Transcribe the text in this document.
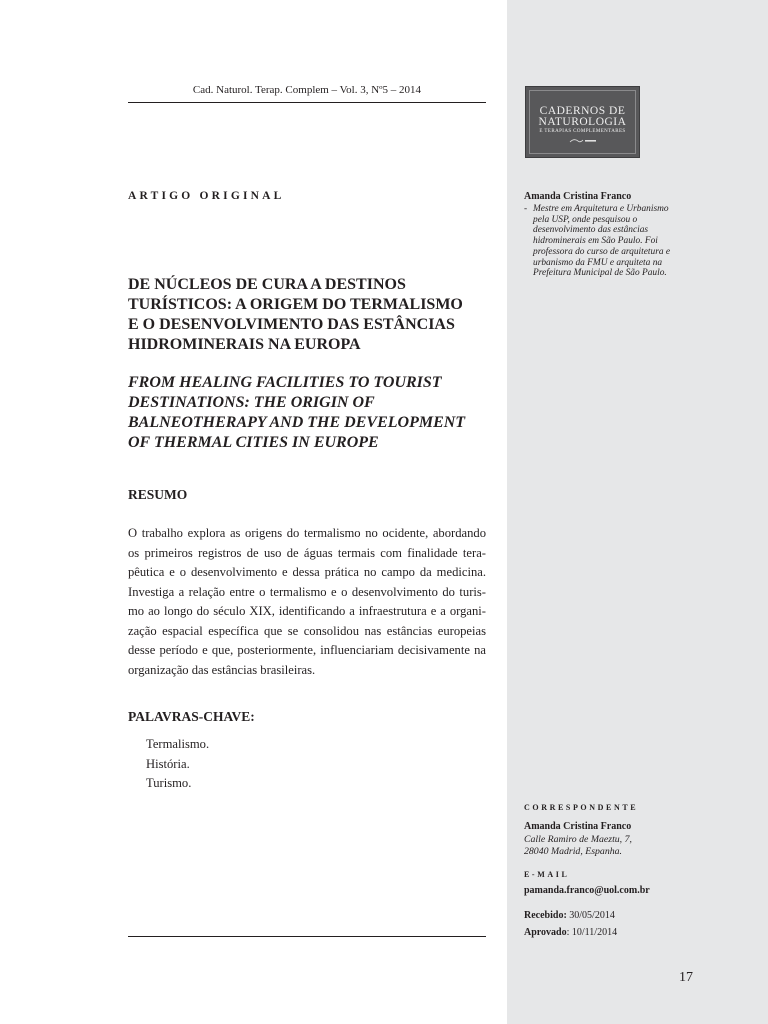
Cad. Naturol. Terap. Complem – Vol. 3, Nº5 – 2014
ARTIGO ORIGINAL
DE NÚCLEOS DE CURA A DESTINOS
TURÍSTICOS: A ORIGEM DO TERMALISMO
E O DESENVOLVIMENTO DAS ESTÂNCIAS
HIDROMINERAIS NA EUROPA
FROM HEALING FACILITIES TO TOURIST
DESTINATIONS: THE ORIGIN OF
BALNEOTHERAPY AND THE DEVELOPMENT
OF THERMAL CITIES IN EUROPE
RESUMO
O trabalho explora as origens do termalismo no ocidente, abordando
os primeiros registros de uso de águas termais com finalidade tera-
pêutica e o desenvolvimento e dessa prática no campo da medicina.
Investiga a relação entre o termalismo e o desenvolvimento do turis-
mo ao longo do século XIX, identificando a infraestrutura e a organi-
zação espacial específica que se consolidou nas estâncias europeias
desse período e que, posteriormente, influenciariam decisivamente na
organização das estâncias brasileiras.
PALAVRAS-CHAVE:
Termalismo.
História.
Turismo.
CADERNOS DE
NATUROLOGIA
E TERAPIAS COMPLEMENTARES
Amanda Cristina Franco
- Mestre em Arquitetura e Urbanismo
pela USP, onde pesquisou o
desenvolvimento das estâncias
hidrominerais em São Paulo. Foi
professora do curso de arquitetura e
urbanismo da FMU e arquiteta na
Prefeitura Municipal de São Paulo.
CORRESPONDENTE
Amanda Cristina Franco
Calle Ramiro de Maeztu, 7,
28040 Madrid, Espanha.
E-MAIL
pamanda.franco@uol.com.br
Recebido: 30/05/2014
Aprovado: 10/11/2014
17
